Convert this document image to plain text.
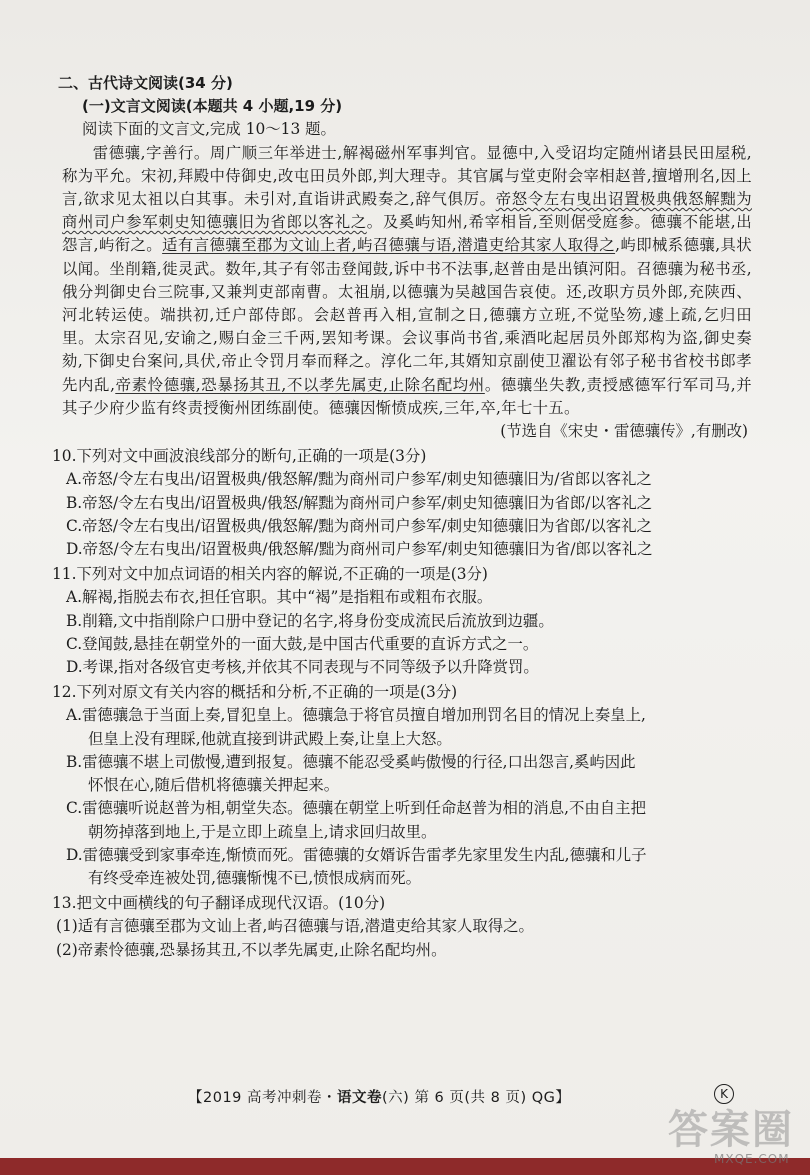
二、古代诗文阅读(34 分)
(一)文言文阅读(本题共 4 小题,19 分)
阅读下面的文言文,完成 10～13 题。

雷德骧,字善行。周广顺三年举进士,解褐磁州军事判官。显德中,入受诏均定随州诸县民田屋税,称为平允。宋初,拜殿中侍御史,改屯田员外郎,判大理寺。其官属与堂吏附会宰相赵普,擅增刑名,因上言,欲求见太祖以白其事。未引对,直诣讲武殿奏之,辞气俱厉。帝怒令左右曳出诏置极典俄怒解黜为商州司户参军刺史知德骧旧为省郎以客礼之。及奚屿知州,希宰相旨,至则倨受庭参。德骧不能堪,出怨言,屿衔之。适有言德骧至郡为文讪上者,屿召德骧与语,潜遣吏给其家人取得之,屿即械系德骧,具状以闻。坐削籍,徙灵武。数年,其子有邻击登闻鼓,诉中书不法事,赵普由是出镇河阳。召德骧为秘书丞,俄分判御史台三院事,又兼判吏部南曹。太祖崩,以德骧为吴越国告哀使。还,改职方员外郎,充陕西、河北转运使。端拱初,迁户部侍郎。会赵普再入相,宣制之日,德骧方立班,不觉坠笏,遽上疏,乞归田里。太宗召见,安谕之,赐白金三千两,罢知考课。会议事尚书省,乘酒叱起居员外郎郑构为盗,御史奏劾,下御史台案问,具伏,帝止令罚月奉而释之。淳化二年,其婿知京副使卫濯讼有邻子秘书省校书郎孝先内乱,帝素怜德骧,恐暴扬其丑,不以孝先属吏,止除名配均州。德骧坐失教,责授感德军行军司马,并其子少府少监有终责授衡州团练副使。德骧因惭愤成疾,三年,卒,年七十五。

(节选自《宋史・雷德骧传》,有删改)
10.下列对文中画波浪线部分的断句,正确的一项是(3分)
A.帝怒/令左右曳出/诏置极典/俄怒解/黜为商州司户参军/刺史知德骧旧为/省郎以客礼之
B.帝怒/令左右曳出/诏置极典/俄怒/解黜为商州司户参军/刺史知德骧旧为省郎/以客礼之
C.帝怒/令左右曳出/诏置极典/俄怒解/黜为商州司户参军/刺史知德骧旧为省郎/以客礼之
D.帝怒/令左右曳出/诏置极典/俄怒解/黜为商州司户参军/刺史知德骧旧为省/郎以客礼之
11.下列对文中加点词语的相关内容的解说,不正确的一项是(3分)
A.解褐,指脱去布衣,担任官职。其中“褐”是指粗布或粗布衣服。
B.削籍,文中指削除户口册中登记的名字,将身份变成流民后流放到边疆。
C.登闻鼓,悬挂在朝堂外的一面大鼓,是中国古代重要的直诉方式之一。
D.考课,指对各级官吏考核,并依其不同表现与不同等级予以升降赏罚。
12.下列对原文有关内容的概括和分析,不正确的一项是(3分)
A.雷德骧急于当面上奏,冒犯皇上。德骧急于将官员擅自增加刑罚名目的情况上奏皇上,
但皇上没有理睬,他就直接到讲武殿上奏,让皇上大怒。
B.雷德骧不堪上司傲慢,遭到报复。德骧不能忍受奚屿傲慢的行径,口出怨言,奚屿因此
怀恨在心,随后借机将德骧关押起来。
C.雷德骧听说赵普为相,朝堂失态。德骧在朝堂上听到任命赵普为相的消息,不由自主把
朝笏掉落到地上,于是立即上疏皇上,请求回归故里。
D.雷德骧受到家事牵连,惭愤而死。雷德骧的女婿诉告雷孝先家里发生内乱,德骧和儿子
有终受牵连被处罚,德骧惭愧不已,愤恨成病而死。
13.把文中画横线的句子翻译成现代汉语。(10分)
(1)适有言德骧至郡为文讪上者,屿召德骧与语,潜遣吏给其家人取得之。
(2)帝素怜德骧,恐暴扬其丑,不以孝先属吏,止除名配均州。
【2019 高考冲刺卷・语文卷(六) 第 6 页(共 8 页) QG】	K
答案圈
MXQE.COM
